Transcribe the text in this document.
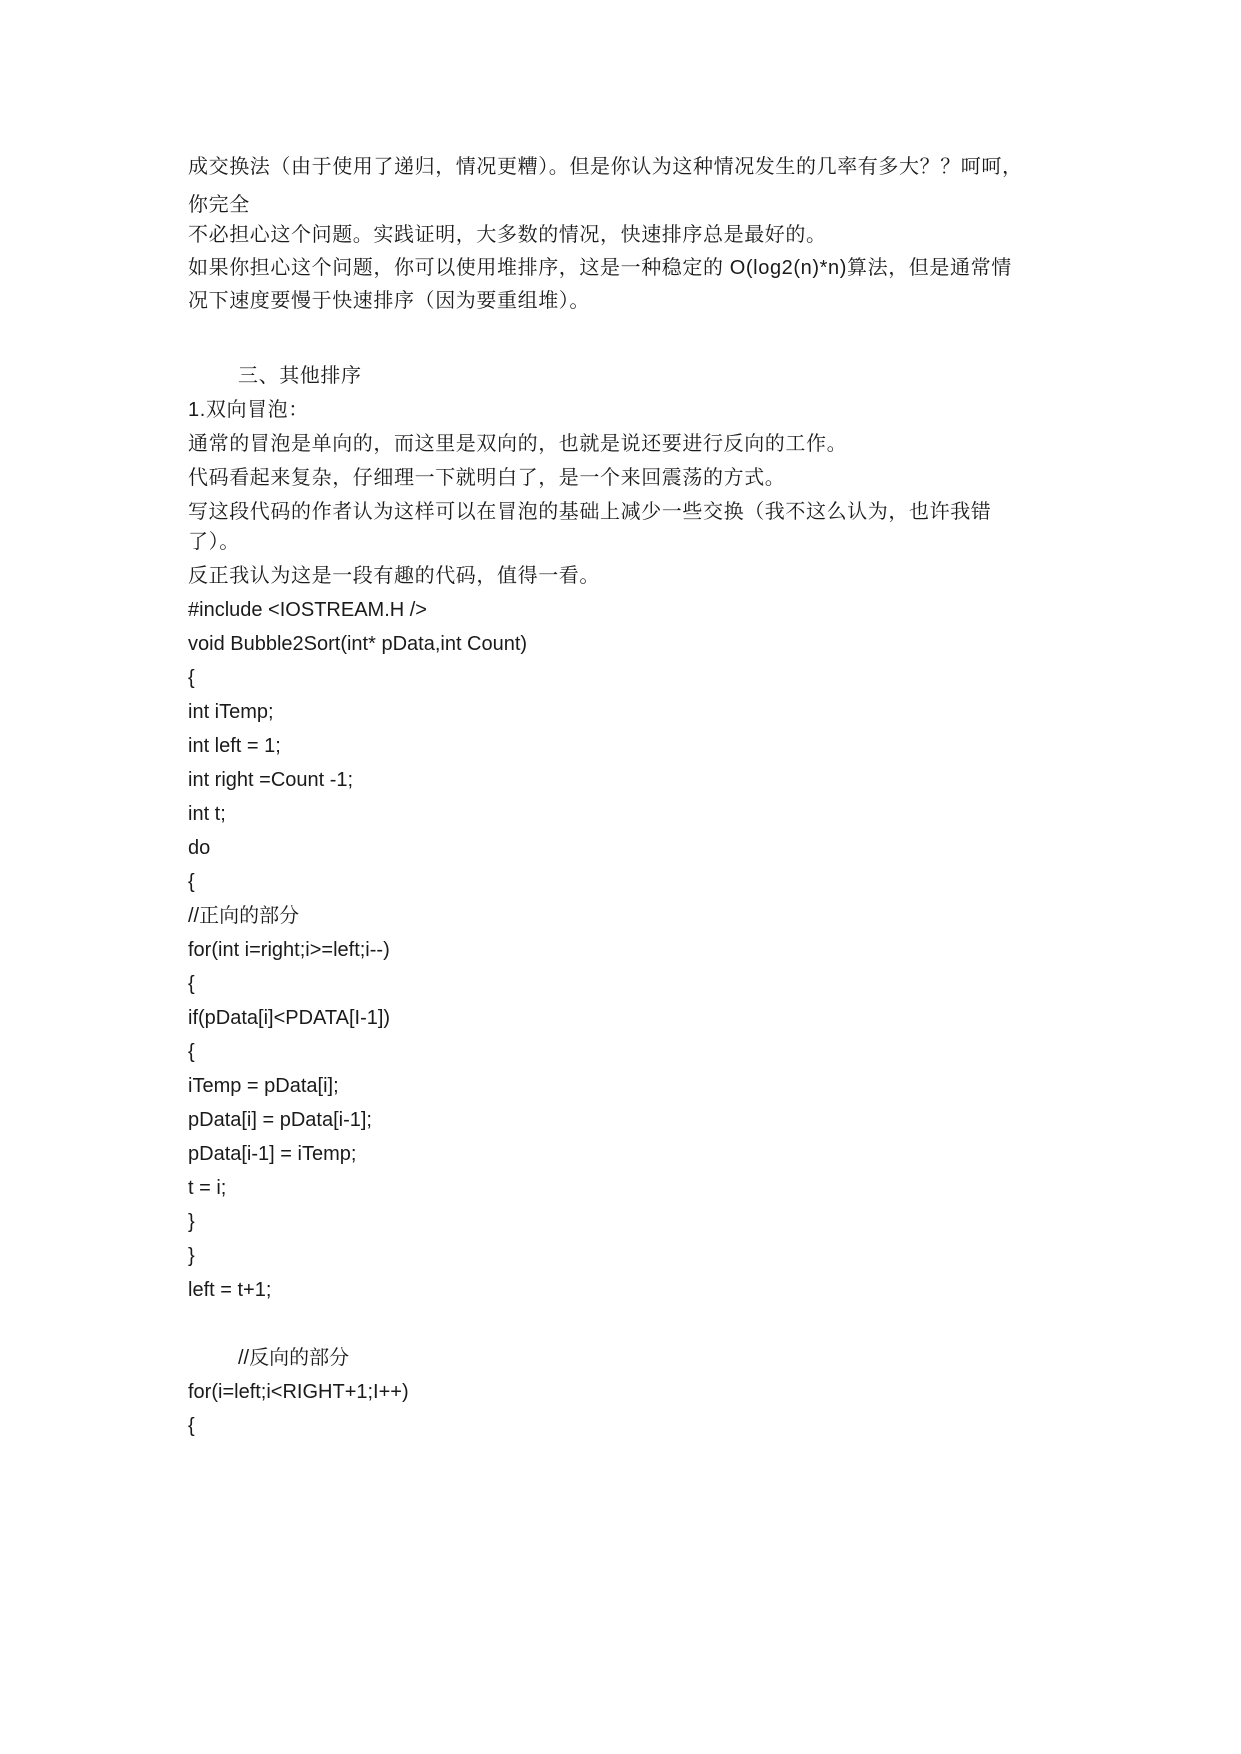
成交换法（由于使用了递归，情况更糟）。但是你认为这种情况发生的几率有多大？？呵呵，
你完全
不必担心这个问题。实践证明，大多数的情况，快速排序总是最好的。
如果你担心这个问题，你可以使用堆排序，这是一种稳定的 O(log2(n)*n)算法，但是通常情
况下速度要慢于快速排序（因为要重组堆）。
三、其他排序
1.双向冒泡：
通常的冒泡是单向的，而这里是双向的，也就是说还要进行反向的工作。
代码看起来复杂，仔细理一下就明白了，是一个来回震荡的方式。
写这段代码的作者认为这样可以在冒泡的基础上减少一些交换（我不这么认为，也许我错
了）。
反正我认为这是一段有趣的代码，值得一看。
#include <IOSTREAM.H />
void Bubble2Sort(int* pData,int Count)
{
int iTemp;
int left = 1;
int right =Count -1;
int t;
do
{
//正向的部分
for(int i=right;i>=left;i--)
{
if(pData[i]<PDATA[I-1])
{
iTemp = pData[i];
pData[i] = pData[i-1];
pData[i-1] = iTemp;
t = i;
}
}
left = t+1;
//反向的部分
for(i=left;i<RIGHT+1;I++)
{
